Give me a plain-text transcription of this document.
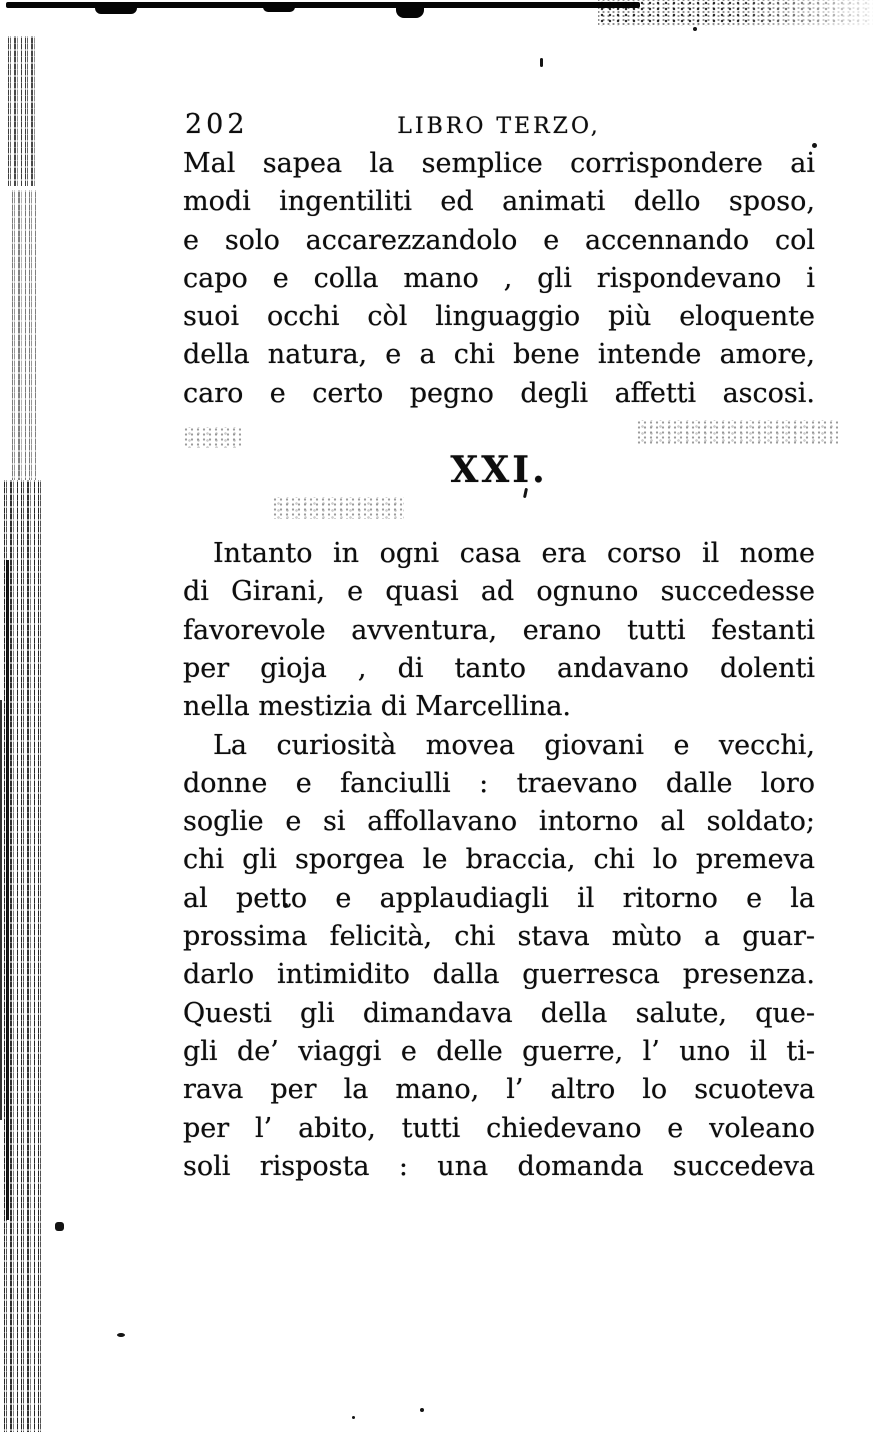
202	LIBRO TERZO,
Mal sapea la semplice corrispondere ai
modi ingentiliti ed animati dello sposo,
e solo accarezzandolo e accennando col
capo e colla mano , gli rispondevano i
suoi occhi còl linguaggio più eloquente
della natura, e a chi bene intende amore,
caro e certo pegno degli affetti ascosi.
XXI.
Intanto in ogni casa era corso il nome
di Girani, e quasi ad ognuno succedesse
favorevole avventura, erano tutti festanti
per gioja , di tanto andavano dolenti
nella mestizia di Marcellina.
La curiosità movea giovani e vecchi,
donne e fanciulli : traevano dalle loro
soglie e si affollavano intorno al soldato;
chi gli sporgea le braccia, chi lo premeva
al petto e applaudiagli il ritorno e la
prossima felicità, chi stava mùto a guar-
darlo intimidito dalla guerresca presenza.
Questi gli dimandava della salute, que-
gli de’ viaggi e delle guerre, l’ uno il ti-
rava per la mano, l’ altro lo scuoteva
per l’ abito, tutti chiedevano e voleano
soli risposta : una domanda succedeva
